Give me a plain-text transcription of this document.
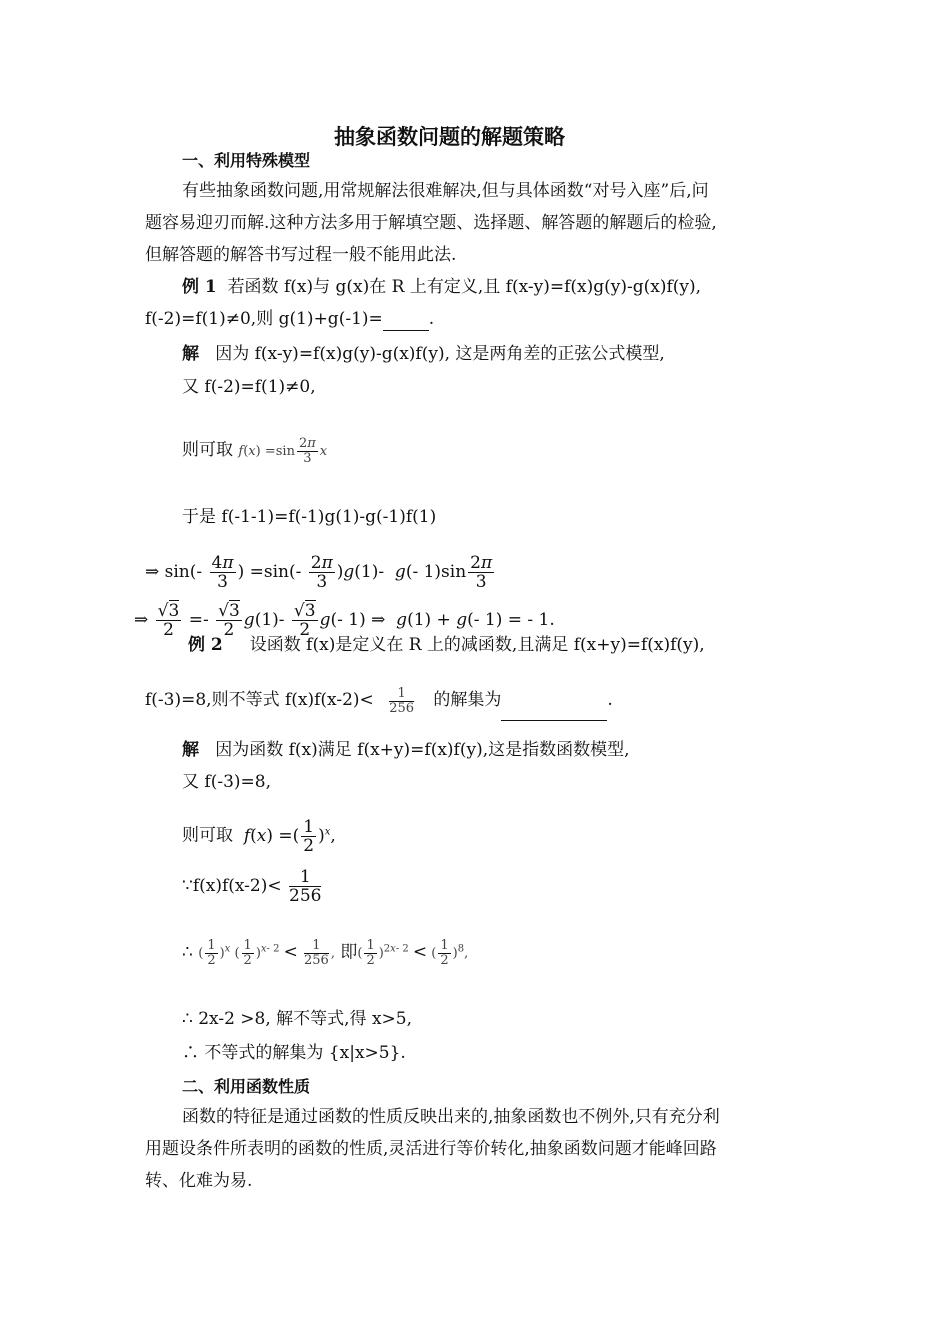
抽象函数问题的解题策略
一、利用特殊模型
有些抽象函数问题,用常规解法很难解决,但与具体函数“对号入座”后,问
题容易迎刃而解.这种方法多用于解填空题、选择题、解答题的解题后的检验,
但解答题的解答书写过程一般不能用此法.
例 1 若函数 f(x)与 g(x)在 R 上有定义,且 f(x-y)=f(x)g(y)-g(x)f(y),
f(-2)=f(1)≠0,则 g(1)+g(-1)=	.
解 因为 f(x-y)=f(x)g(y)-g(x)f(y), 这是两角差的正弦公式模型,
又 f(-2)=f(1)≠0,
则可取 $f(x) =\sin \frac{2\pi}{3}$ x
于是 f(-1-1)=f(-1)g(1)-g(-1)f(1)
⇒ $\sin(- \frac{4\pi}{3}$ ) $=\sin(- \frac{2\pi}{3} )g(1)-$  g(- $1)\sin \frac{2\pi}{3}$
⇒ $\frac{√3}{2} =- \frac{√3}{2} g(1)- \frac{√3}{2} g(-$ 1) ⇒  g(1) + g(- 1) = - 1.
例 2 设函数 f(x)是定义在 R 上的减函数,且满足 f(x+y)=f(x)f(y),
f(-3)=8,则不等式 $f(x)f(x-2)< \frac{1}{256}$ 的解集为	.
解 因为函数 f(x)满足 f(x+y)=f(x)f(y),这是指数函数模型,
又 f(-3)=8,
则可取 f(x) =( $\frac{1}{2} )^x$,
∵f(x)f(x-2)< $\frac{1}{256}$
∴ ( $\frac{1}{2} )^x$ ( $\frac{1}{2} )^{x- 2} < \frac{1}{256}$ , 即( $\frac{1}{2} )^{2x- 2}$ < ( $\frac{1}{2} )^8$,
∴ 2x-2 >8, 解不等式,得 x>5,
∴ 不等式的解集为 {x|x>5}.
二、利用函数性质
函数的特征是通过函数的性质反映出来的,抽象函数也不例外,只有充分利
用题设条件所表明的函数的性质,灵活进行等价转化,抽象函数问题才能峰回路
转、化难为易.
